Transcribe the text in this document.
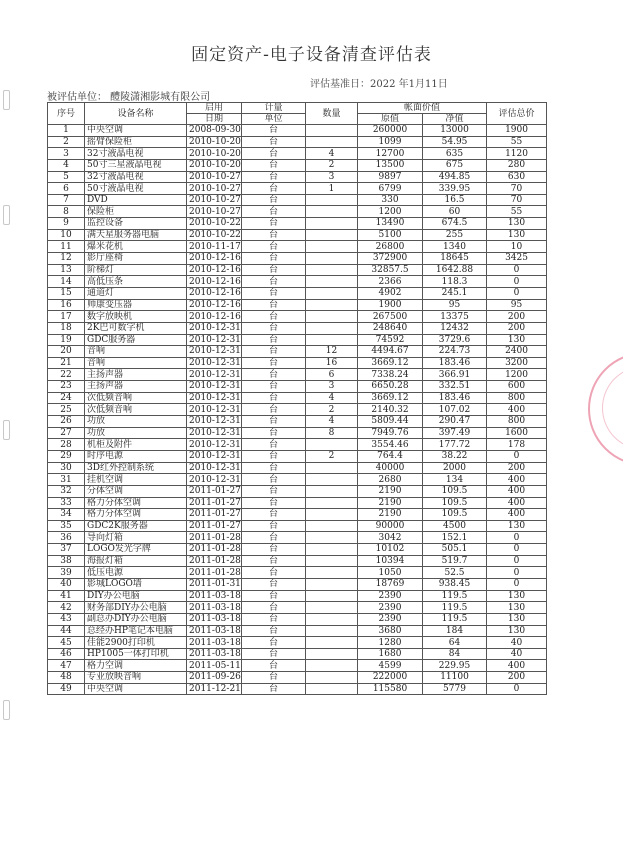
固定资产-电子设备清查评估表
评估基准日：2022 年1月11日
被评估单位： 醴陵潇湘影城有限公司
序号	设备名称	启用	计量	数量	帐面价值		评估总价
		日期	单位		原值	净值	
1	中央空调	2008-09-30	台		260000	13000	1900
2	摇臂保险柜	2010-10-20	台		1099	54.95	55
3	32寸液晶电视	2010-10-20	台	4	12700	635	1120
4	50寸三星液晶电视	2010-10-20	台	2	13500	675	280
5	32寸液晶电视	2010-10-27	台	3	9897	494.85	630
6	50寸液晶电视	2010-10-27	台	1	6799	339.95	70
7	DVD	2010-10-27	台		330	16.5	70
8	保险柜	2010-10-27	台		1200	60	55
9	监控设备	2010-10-22	台		13490	674.5	130
10	满天星服务器电脑	2010-10-22	台		5100	255	130
11	爆米花机	2010-11-17	台		26800	1340	10
12	影厅座椅	2010-12-16	台		372900	18645	3425
13	阶梯灯	2010-12-16	台		32857.5	1642.88	0
14	高低压条	2010-12-16	台		2366	118.3	0
15	通道灯	2010-12-16	台		4902	245.1	0
16	帅康变压器	2010-12-16	台		1900	95	95
17	数字放映机	2010-12-16	台		267500	13375	200
18	2K巴可数字机	2010-12-31	台		248640	12432	200
19	GDC服务器	2010-12-31	台		74592	3729.6	130
20	音响	2010-12-31	台	12	4494.67	224.73	2400
21	音响	2010-12-31	台	16	3669.12	183.46	3200
22	主扬声器	2010-12-31	台	6	7338.24	366.91	1200
23	主扬声器	2010-12-31	台	3	6650.28	332.51	600
24	次低频音响	2010-12-31	台	4	3669.12	183.46	800
25	次低频音响	2010-12-31	台	2	2140.32	107.02	400
26	功放	2010-12-31	台	4	5809.44	290.47	800
27	功放	2010-12-31	台	8	7949.76	397.49	1600
28	机柜及附件	2010-12-31	台		3554.46	177.72	178
29	时序电源	2010-12-31	台	2	764.4	38.22	0
30	3D红外控制系统	2010-12-31	台		40000	2000	200
31	挂机空调	2010-12-31	台		2680	134	400
32	分体空调	2011-01-27	台		2190	109.5	400
33	格力分体空调	2011-01-27	台		2190	109.5	400
34	格力分体空调	2011-01-27	台		2190	109.5	400
35	GDC2K服务器	2011-01-27	台		90000	4500	130
36	导向灯箱	2011-01-28	台		3042	152.1	0
37	LOGO发光字牌	2011-01-28	台		10102	505.1	0
38	海报灯箱	2011-01-28	台		10394	519.7	0
39	低压电源	2011-01-28	台		1050	52.5	0
40	影城LOGO墙	2011-01-31	台		18769	938.45	0
41	DIY办公电脑	2011-03-18	台		2390	119.5	130
42	财务部DIY办公电脑	2011-03-18	台		2390	119.5	130
43	副总办DIY办公电脑	2011-03-18	台		2390	119.5	130
44	总经办HP笔记本电脑	2011-03-18	台		3680	184	130
45	佳能2900打印机	2011-03-18	台		1280	64	40
46	HP1005一体打印机	2011-03-18	台		1680	84	40
47	格力空调	2011-05-11	台		4599	229.95	400
48	专业放映音响	2011-09-26	台		222000	11100	200
49	中央空调	2011-12-21	台		115580	5779	0
